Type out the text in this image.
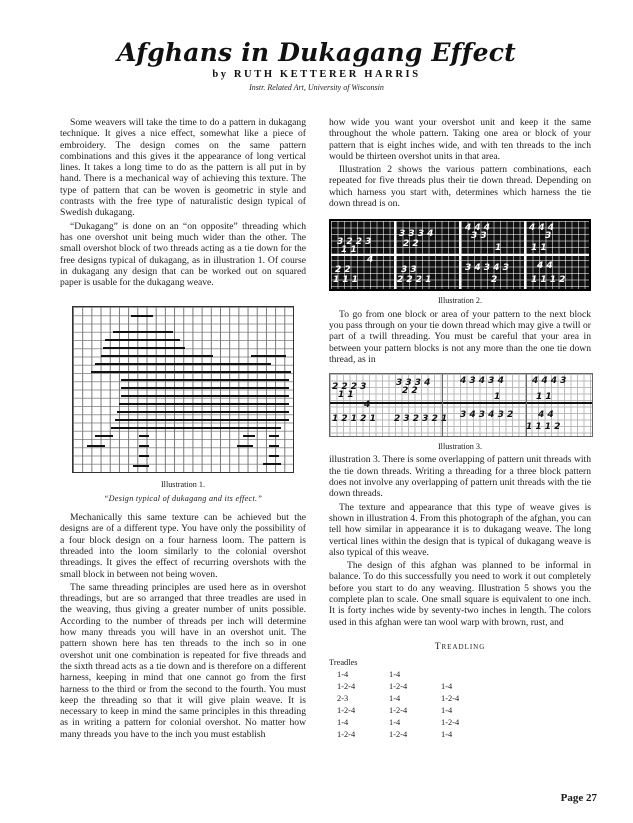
Afghans in Dukagang Effect
by RUTH KETTERER HARRIS
Instr. Related Art, University of Wisconsin

Some weavers will take the time to do a pattern in dukagang technique. It gives a nice effect, somewhat like a piece of embroidery. The design comes on the same pattern combinations and this gives it the appearance of long vertical lines. It takes a long time to do as the pattern is all put in by hand. There is a mechanical way of achieving this texture. The type of pattern that can be woven is geometric in style and contrasts with the free type of naturalistic design typical of Swedish dukagang.

“Dukagang” is done on an “on opposite” threading which has one overshot unit being much wider than the other. The small overshot block of two threads acting as a tie down for the free designs typical of dukagang, as in illustration 1. Of course in dukagang any design that can be worked out on squared paper is usable for the dukagang weave.

Illustration 1.
“Design typical of dukagang and its effect.”

Mechanically this same texture can be achieved but the designs are of a different type. You have only the possibility of a four block design on a four harness loom. The pattern is threaded into the loom similarly to the colonial overshot threadings. It gives the effect of recurring overshots with the small block in between not being woven.

The same threading principles are used here as in overshot threadings, but are so arranged that three treadles are used in the weaving, thus giving a greater number of units possible. According to the number of threads per inch will determine how many threads you will have in an overshot unit. The pattern shown here has ten threads to the inch so in one overshot unit one combination is repeated for five threads and the sixth thread acts as a tie down and is therefore on a different harness, keeping in mind that one cannot go from the first harness to the third or from the second to the fourth. You must keep the threading so that it will give plain weave. It is necessary to keep in mind the same principles in this threading as in writing a pattern for colonial overshot. No matter how many threads you have to the inch you must establish

how wide you want your overshot unit and keep it the same throughout the whole pattern. Taking one area or block of your pattern that is eight inches wide, and with ten threads to the inch would be thirteen overshot units in that area.

Illustration 2 shows the various pattern combinations, each repeated for five threads plus their tie down thread. Depending on which harness you start with, determines which harness the tie down thread is on.

3 2 2 3
1 1
3 3 3 4
2 2
4 4 4
3 3
1
4 4 4
3
1 1
4
2 2
1 1 1
3 3
2 2 2 1
3 4 3 4 3
2
4 4
1 1 1 2
Illustration 2.

To go from one block or area of your pattern to the next block you pass through on your tie down thread which may give a twill or part of a twill threading. You must be careful that your area in between your pattern blocks is not any more than the one tie down thread, as in

2 2 2 3
1 1
3 3 3 4
2 2
4 3 4 3 4
1
4 4 4 3
1 1
4
1 2 1 2 1 2 3 2 3 2 1 3 4 3 4 3 2	4 4
1 1 1 2
Illustration 3.

illustration 3. There is some overlapping of pattern unit threads with the tie down threads. Writing a threading for a three block pattern does not involve any overlapping of pattern unit threads with the tie down threads.

The texture and appearance that this type of weave gives is shown in illustration 4. From this photograph of the afghan, you can tell how similar in appearance it is to dukagang weave. The long vertical lines within the design that is typical of dukagang weave is also typical of this weave.

The design of this afghan was planned to be informal in balance. To do this successfully you need to work it out completely before you start to do any weaving. Illustration 5 shows you the complete plan to scale. One small square is equivalent to one inch. It is forty inches wide by seventy-two inches in length. The colors used in this afghan were tan wool warp with brown, rust, and

Treadling
Treadles
1-4	1-4	
1-2-4	1-2-4	1-4
2-3	1-4	1-2-4
1-2-4	1-2-4	1-4
1-4	1-4	1-2-4
1-2-4	1-2-4	1-4
Page 27
